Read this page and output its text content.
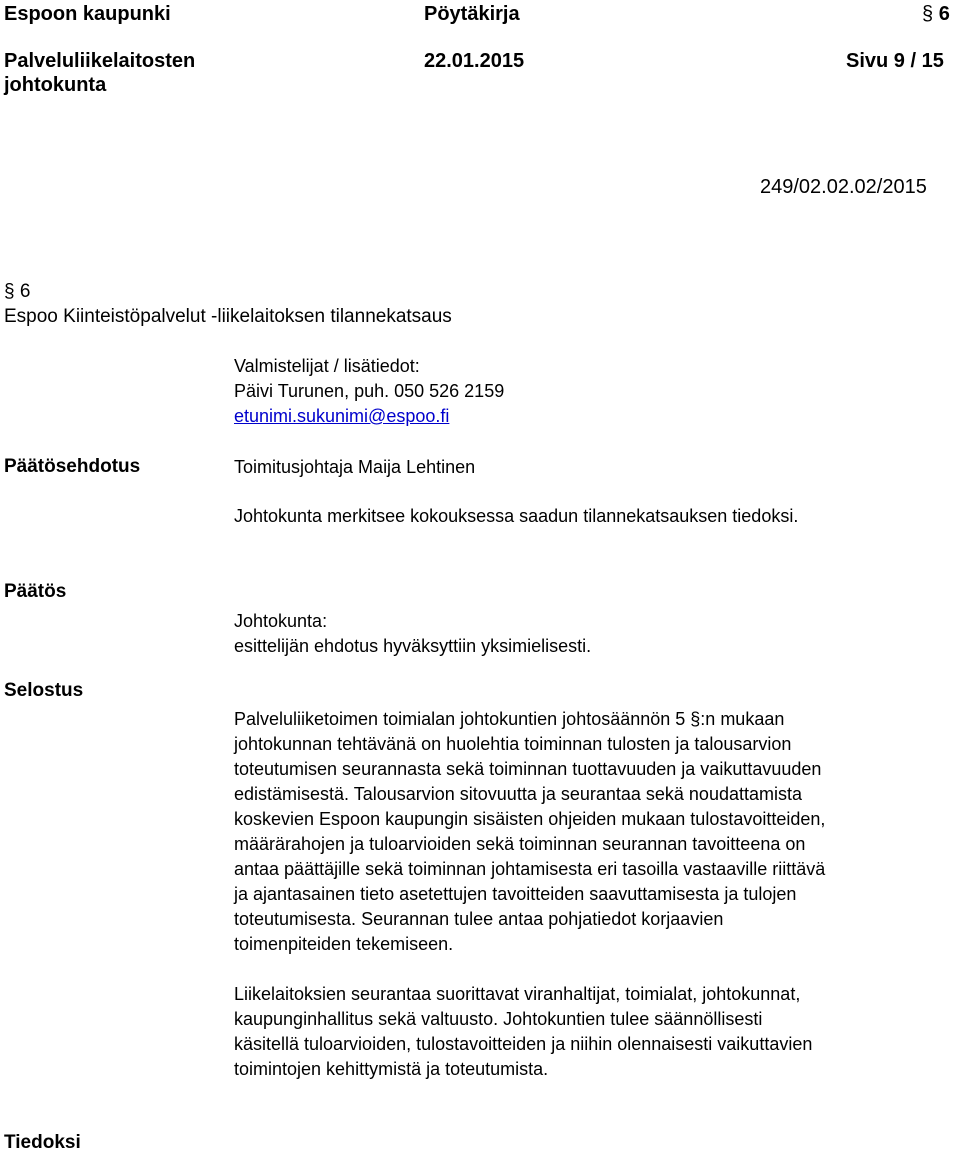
Espoon kaupunki	Pöytäkirja	§ 6
Palveluliikelaitosten
johtokunta
22.01.2015	Sivu 9 / 15
249/02.02.02/2015
§ 6
Espoo Kiinteistöpalvelut -liikelaitoksen tilannekatsaus
Valmistelijat / lisätiedot:
Päivi Turunen, puh. 050 526 2159
etunimi.sukunimi@espoo.fi
Päätösehdotus	Toimitusjohtaja Maija Lehtinen
Johtokunta merkitsee kokouksessa saadun tilannekatsauksen tiedoksi.
Päätös
Johtokunta:
esittelijän ehdotus hyväksyttiin yksimielisesti.
Selostus
Palveluliiketoimen toimialan johtokuntien johtosäännön 5 §:n mukaan
johtokunnan tehtävänä on huolehtia toiminnan tulosten ja talousarvion
toteutumisen seurannasta sekä toiminnan tuottavuuden ja vaikuttavuuden
edistämisestä. Talousarvion sitovuutta ja seurantaa sekä noudattamista
koskevien Espoon kaupungin sisäisten ohjeiden mukaan tulostavoitteiden,
määrärahojen ja tuloarvioiden sekä toiminnan seurannan tavoitteena on
antaa päättäjille sekä toiminnan johtamisesta eri tasoilla vastaaville riittävä
ja ajantasainen tieto asetettujen tavoitteiden saavuttamisesta ja tulojen
toteutumisesta. Seurannan tulee antaa pohjatiedot korjaavien
toimenpiteiden tekemiseen.
Liikelaitoksien seurantaa suorittavat viranhaltijat, toimialat, johtokunnat,
kaupunginhallitus sekä valtuusto. Johtokuntien tulee säännöllisesti
käsitellä tuloarvioiden, tulostavoitteiden ja niihin olennaisesti vaikuttavien
toimintojen kehittymistä ja toteutumista.
Tiedoksi
